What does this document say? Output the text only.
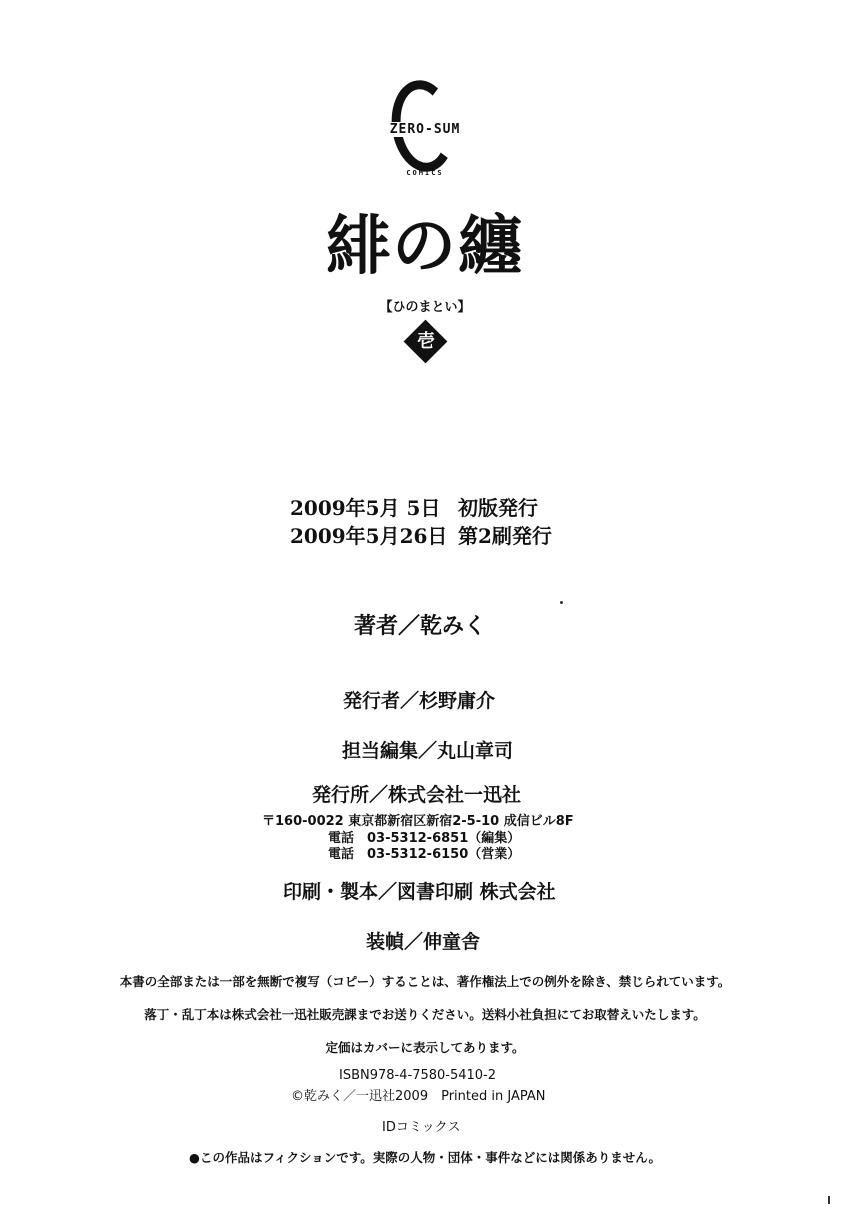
ZERO-SUM
COMICS
緋の纏
【ひのまとい】
壱
2009年5月 5日 初版発行
2009年5月26日 第2刷発行
著者／乾みく
発行者／杉野庸介
担当編集／丸山章司
発行所／株式会社一迅社
〒160-0022 東京都新宿区新宿2-5-10 成信ビル8F
電話　03-5312-6851（編集）
電話　03-5312-6150（営業）
印刷・製本／図書印刷 株式会社
装幀／伸童舎
本書の全部または一部を無断で複写（コピー）することは、著作権法上での例外を除き、禁じられています。
落丁・乱丁本は株式会社一迅社販売課までお送りください。送料小社負担にてお取替えいたします。
定価はカバーに表示してあります。
ISBN978-4-7580-5410-2
©乾みく／一迅社2009　Printed in JAPAN
IDコミックス
●この作品はフィクションです。実際の人物・団体・事件などには関係ありません。
